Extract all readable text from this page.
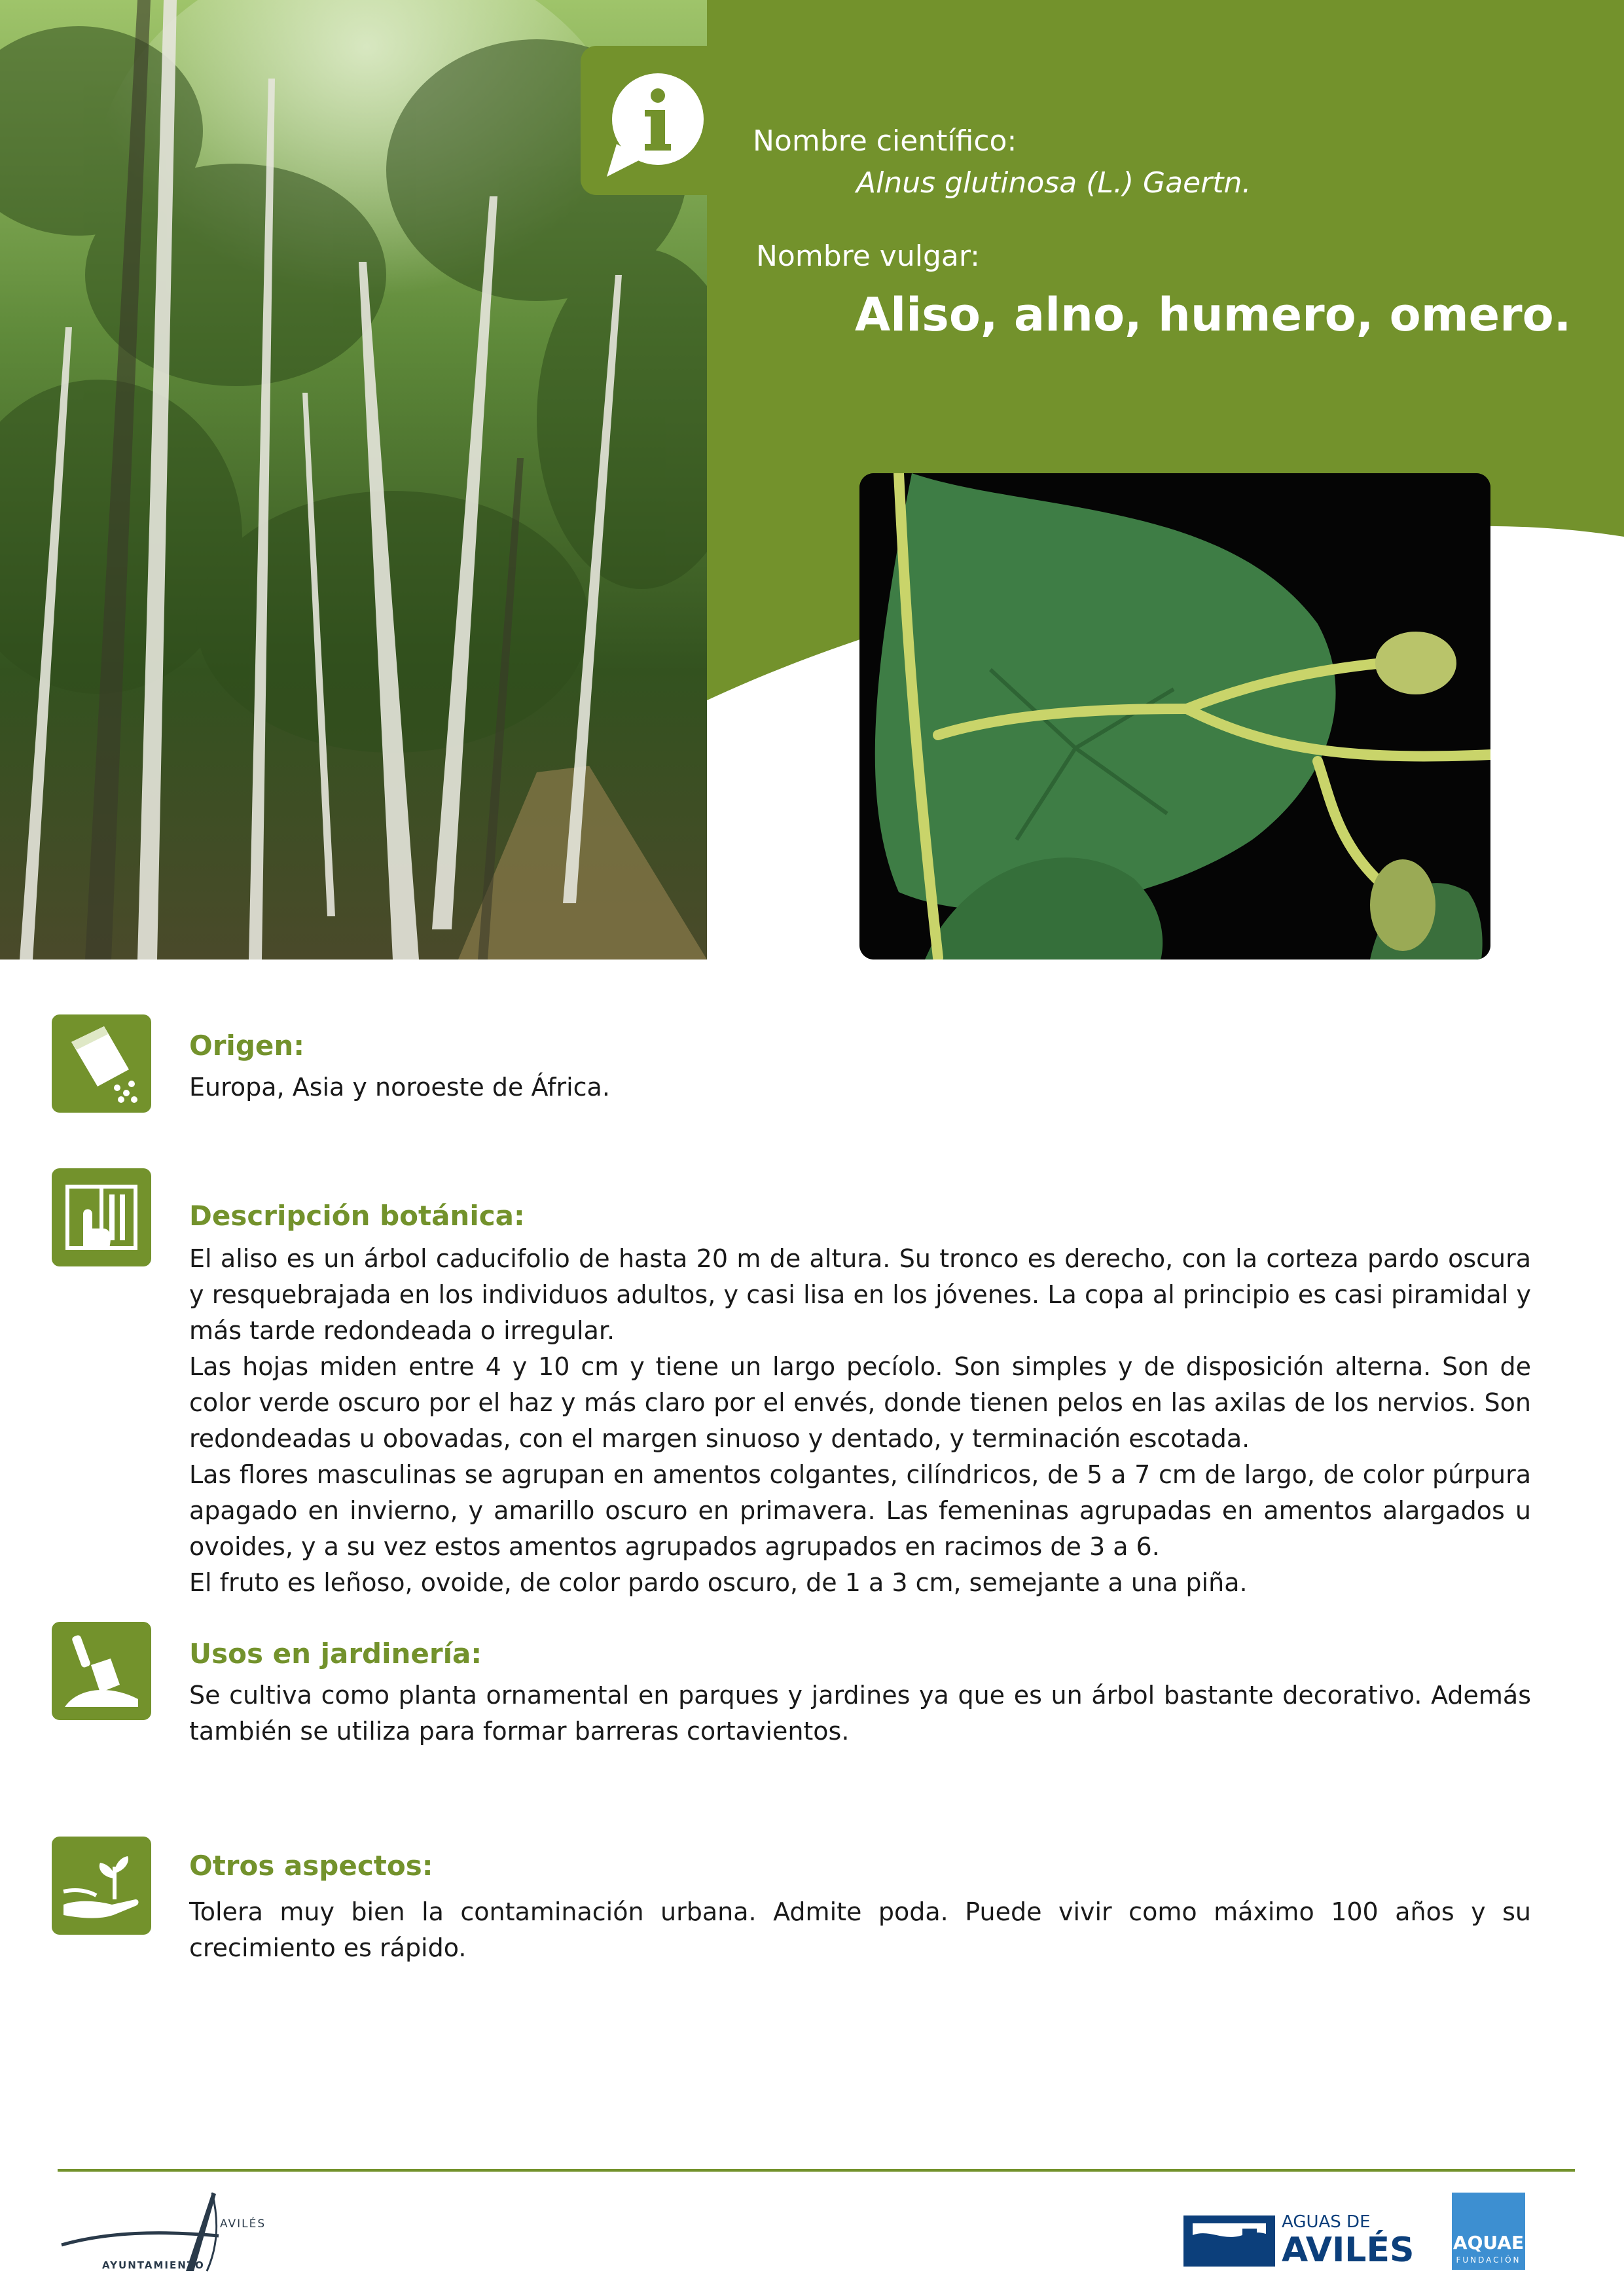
Nombre científico:
Alnus glutinosa (L.) Gaertn.
Nombre vulgar:
Aliso, alno, humero, omero.
Origen:
Europa, Asia y noroeste de África.
Descripción botánica:

El aliso es un árbol caducifolio de hasta 20 m de altura. Su tronco es derecho, con la corteza pardo oscura y resquebrajada en los individuos adultos, y casi lisa en los jóvenes. La copa al principio es casi piramidal y más tarde redondeada o irregular.

Las hojas miden entre 4 y 10 cm y tiene un largo pecíolo. Son simples y de disposición alterna. Son de color verde oscuro por el haz y más claro por el envés, donde tienen pelos en las axilas de los nervios. Son redondeadas u obovadas, con el margen sinuoso y dentado, y terminación escotada.

Las flores masculinas se agrupan en amentos colgantes, cilíndricos, de 5 a 7 cm de largo, de color púrpura apagado en invierno, y amarillo oscuro en primavera. Las femeninas agrupadas en amentos alargados u ovoides, y a su vez estos amentos agrupados agrupados en racimos de 3 a 6.

El fruto es leñoso, ovoide, de color pardo oscuro, de 1 a 3 cm, semejante a una piña.

Usos en jardinería:
Se cultiva como planta ornamental en parques y jardines ya que es un árbol bastante decorativo. Además también se utiliza para formar barreras cortavientos.
Otros aspectos:
Tolera muy bien la contaminación urbana. Admite poda. Puede vivir como máximo 100 años y su crecimiento es rápido.
AVILÉS
AYUNTAMIENTO
AGUAS DE
AVILÉS AQUAE
FUNDACIÓN
